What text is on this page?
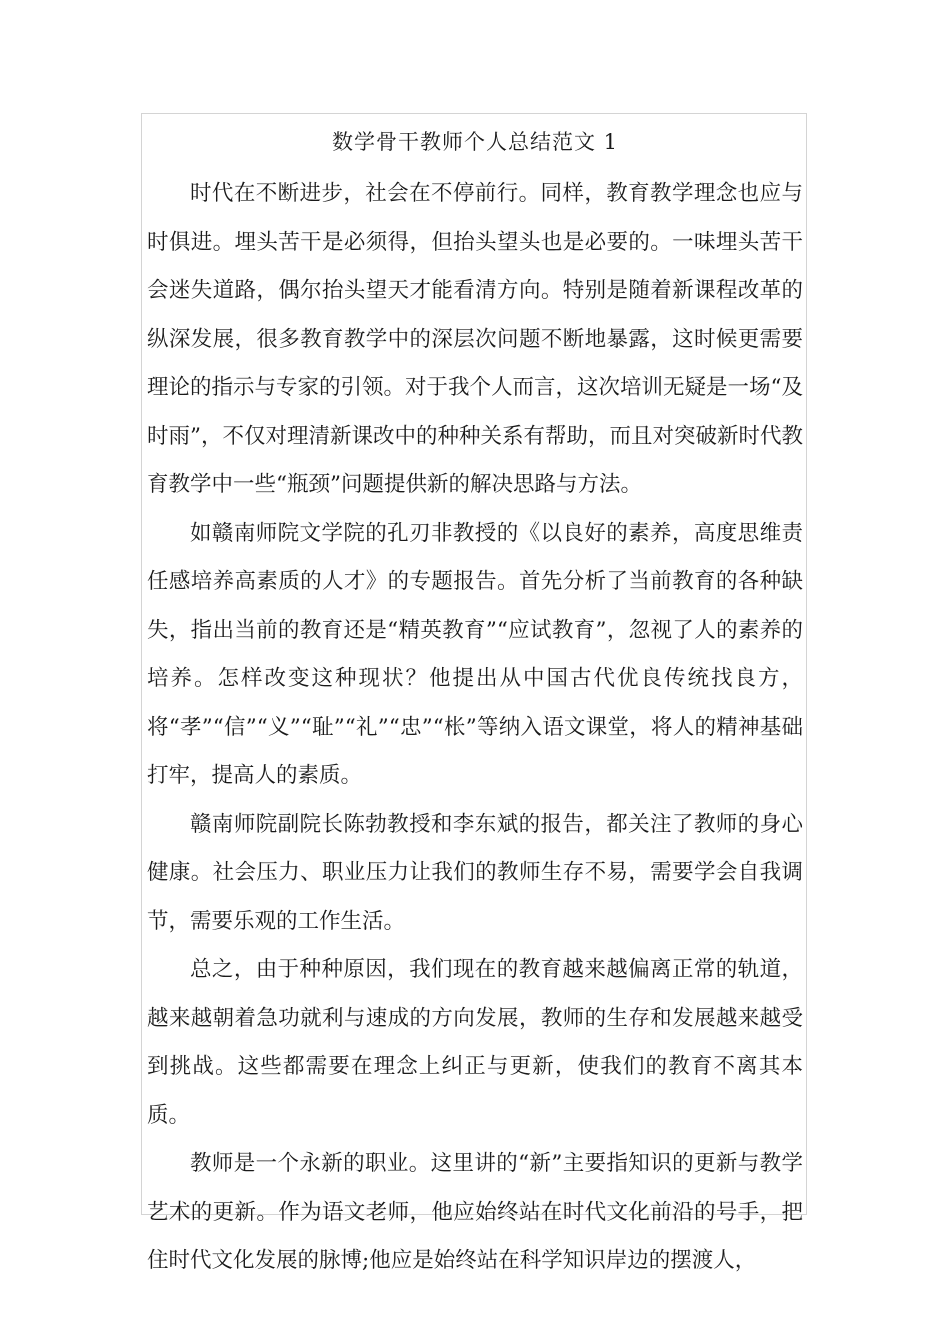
数学骨干教师个人总结范文 1

时代在不断进步，社会在不停前行。同样，教育教学理念也应与时俱进。埋头苦干是必须得，但抬头望头也是必要的。一味埋头苦干会迷失道路，偶尔抬头望天才能看清方向。特别是随着新课程改革的纵深发展，很多教育教学中的深层次问题不断地暴露，这时候更需要理论的指示与专家的引领。对于我个人而言，这次培训无疑是一场“及时雨”，不仅对理清新课改中的种种关系有帮助，而且对突破新时代教育教学中一些“瓶颈”问题提供新的解决思路与方法。

如赣南师院文学院的孔刃非教授的《以良好的素养，高度思维责任感培养高素质的人才》的专题报告。首先分析了当前教育的各种缺失，指出当前的教育还是“精英教育”“应试教育”，忽视了人的素养的培养。怎样改变这种现状？他提出从中国古代优良传统找良方，将“孝”“信”“义”“耻”“礼”“忠”“枨”等纳入语文课堂，将人的精神基础打牢，提高人的素质。

赣南师院副院长陈勃教授和李东斌的报告，都关注了教师的身心健康。社会压力、职业压力让我们的教师生存不易，需要学会自我调节，需要乐观的工作生活。

总之，由于种种原因，我们现在的教育越来越偏离正常的轨道，越来越朝着急功就利与速成的方向发展，教师的生存和发展越来越受到挑战。这些都需要在理念上纠正与更新，使我们的教育不离其本质。

教师是一个永新的职业。这里讲的“新”主要指知识的更新与教学艺术的更新。作为语文老师，他应始终站在时代文化前沿的号手，把住时代文化发展的脉博;他应是始终站在科学知识岸边的摆渡人，
